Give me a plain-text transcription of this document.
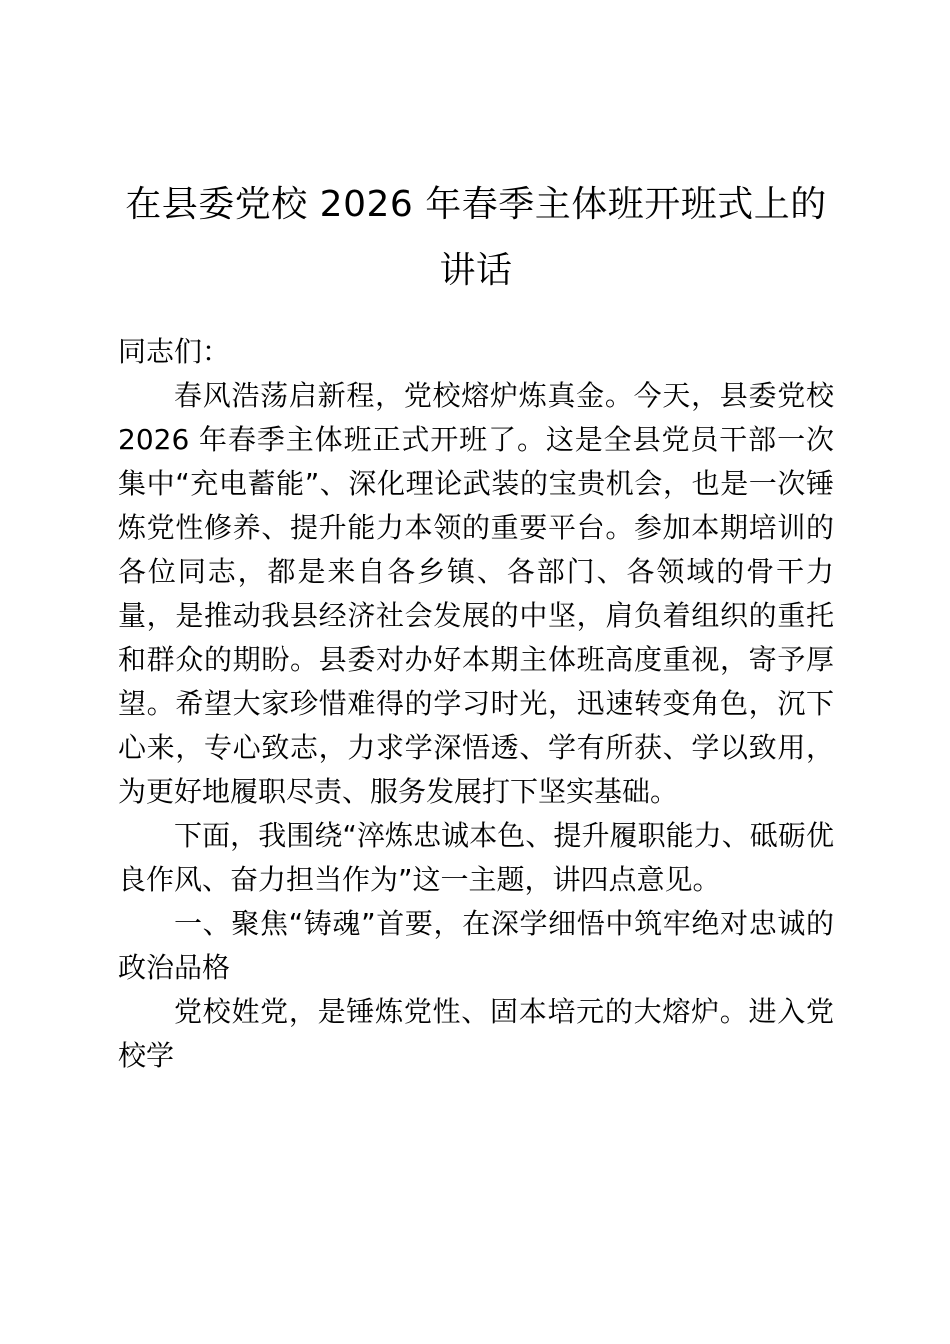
在县委党校 2026 年春季主体班开班式上的讲话

同志们：

春风浩荡启新程，党校熔炉炼真金。今天，县委党校 2026 年春季主体班正式开班了。这是全县党员干部一次集中“充电蓄能”、深化理论武装的宝贵机会，也是一次锤炼党性修养、提升能力本领的重要平台。参加本期培训的各位同志，都是来自各乡镇、各部门、各领域的骨干力量，是推动我县经济社会发展的中坚，肩负着组织的重托和群众的期盼。县委对办好本期主体班高度重视，寄予厚望。希望大家珍惜难得的学习时光，迅速转变角色，沉下心来，专心致志，力求学深悟透、学有所获、学以致用，为更好地履职尽责、服务发展打下坚实基础。

下面，我围绕“淬炼忠诚本色、提升履职能力、砥砺优良作风、奋力担当作为”这一主题，讲四点意见。

一、聚焦“铸魂”首要，在深学细悟中筑牢绝对忠诚的政治品格

党校姓党，是锤炼党性、固本培元的大熔炉。进入党校学
